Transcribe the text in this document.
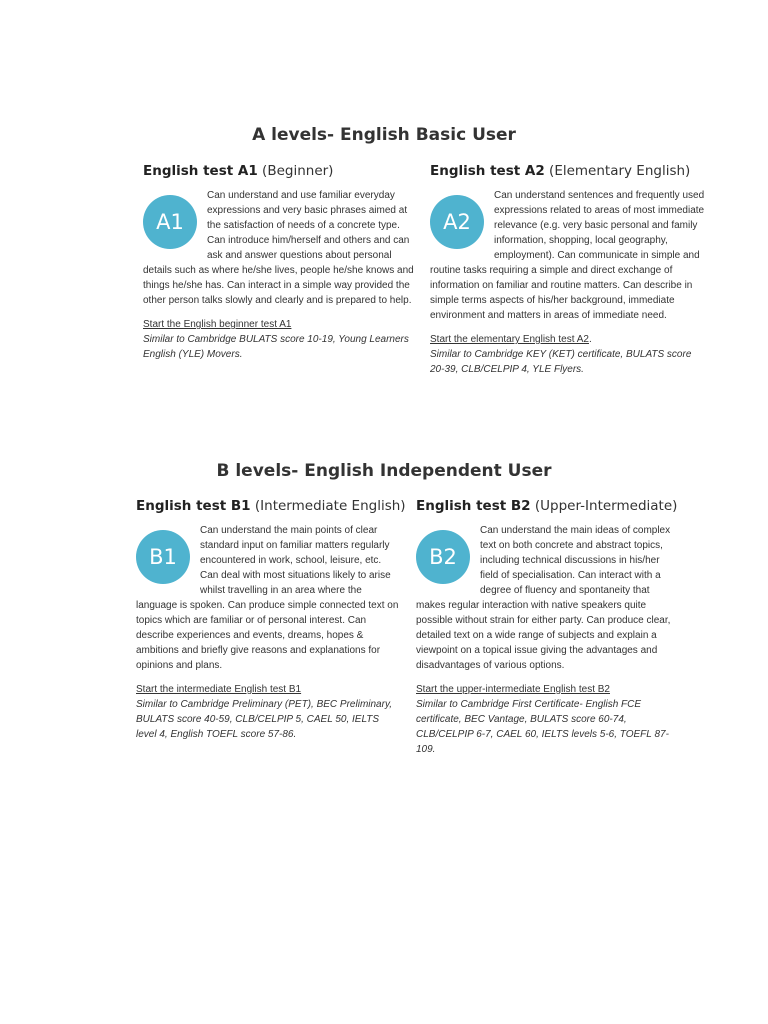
A levels- English Basic User
English test A1 (Beginner)
A1

Can understand and use familiar everyday expressions and very basic phrases aimed at the satisfaction of needs of a concrete type. Can introduce him/herself and others and can ask and answer questions about personal details such as where he/she lives, people he/she knows and things he/she has. Can interact in a simple way provided the other person talks slowly and clearly and is prepared to help.

Start the English beginner test A1

Similar to Cambridge BULATS score 10-19, Young Learners English (YLE) Movers.

English test A2 (Elementary English)
A2

Can understand sentences and frequently used expressions related to areas of most immediate relevance (e.g. very basic personal and family information, shopping, local geography, employment). Can communicate in simple and routine tasks requiring a simple and direct exchange of information on familiar and routine matters. Can describe in simple terms aspects of his/her background, immediate environment and matters in areas of immediate need.

Start the elementary English test A2.

Similar to Cambridge KEY (KET) certificate, BULATS score 20-39, CLB/CELPIP 4, YLE Flyers.

B levels- English Independent User
English test B1 (Intermediate English)
B1

Can understand the main points of clear standard input on familiar matters regularly encountered in work, school, leisure, etc. Can deal with most situations likely to arise whilst travelling in an area where the language is spoken. Can produce simple connected text on topics which are familiar or of personal interest. Can describe experiences and events, dreams, hopes & ambitions and briefly give reasons and explanations for opinions and plans.

Start the intermediate English test B1

Similar to Cambridge Preliminary (PET), BEC Preliminary, BULATS score 40-59, CLB/CELPIP 5, CAEL 50, IELTS level 4, English TOEFL score 57-86.

English test B2 (Upper-Intermediate)
B2

Can understand the main ideas of complex text on both concrete and abstract topics, including technical discussions in his/her field of specialisation. Can interact with a degree of fluency and spontaneity that makes regular interaction with native speakers quite possible without strain for either party. Can produce clear, detailed text on a wide range of subjects and explain a viewpoint on a topical issue giving the advantages and disadvantages of various options.

Start the upper-intermediate English test B2

Similar to Cambridge First Certificate- English FCE certificate, BEC Vantage, BULATS score 60-74, CLB/CELPIP 6-7, CAEL 60, IELTS levels 5-6, TOEFL 87-109.
